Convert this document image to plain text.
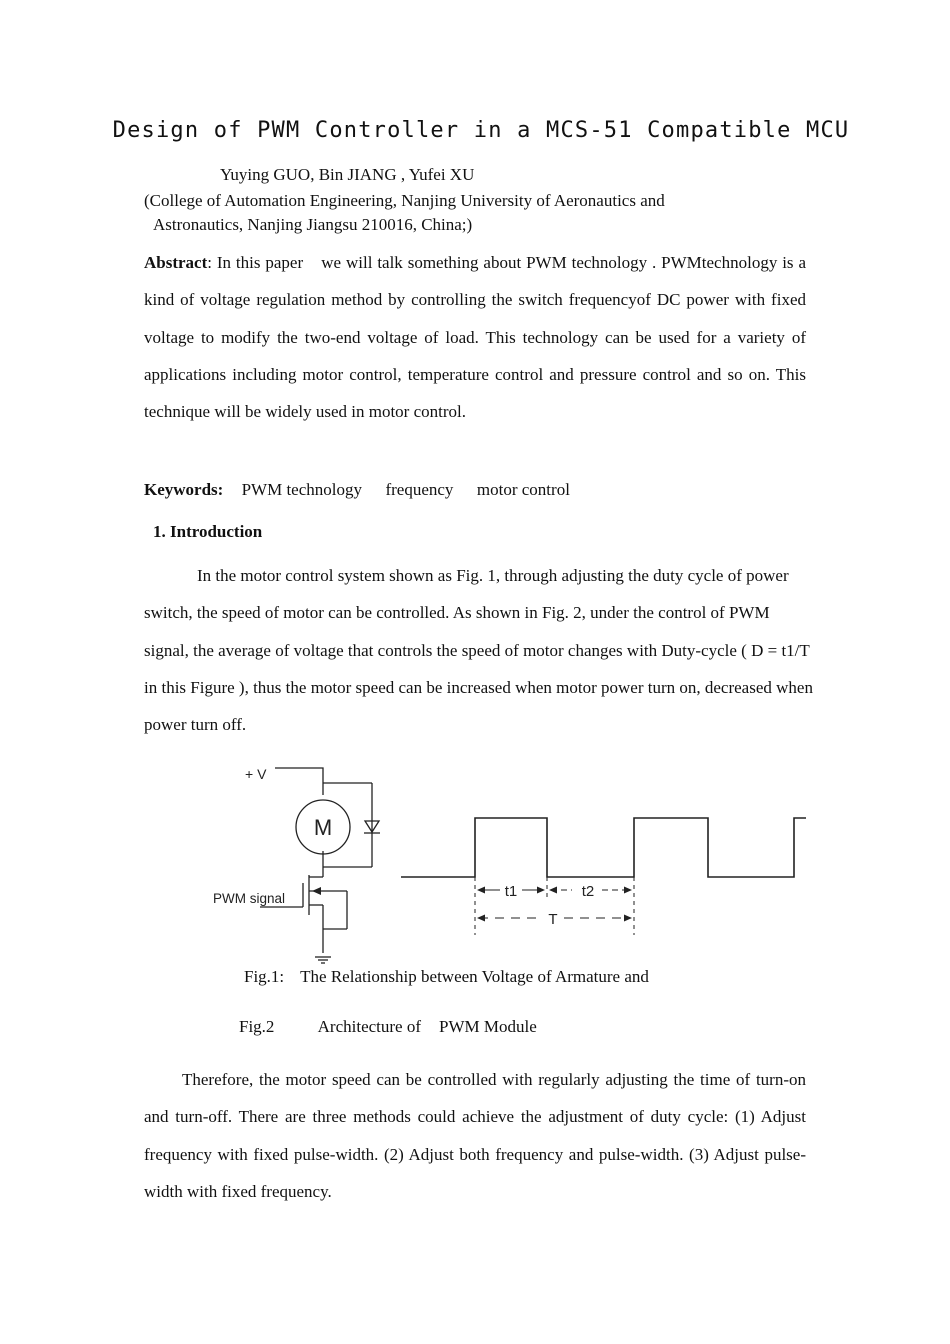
Design of PWM Controller in a MCS-51 Compatible MCU
Yuying GUO, Bin JIANG , Yufei XU
(College of Automation Engineering, Nanjing University of Aeronautics and
Astronautics, Nanjing Jiangsu 210016, China;)
Abstract: In this paper  we will talk something about PWM technology . PWMtechnology is a kind of voltage regulation method by controlling the switch frequencyof DC power with fixed voltage to modify the two-end voltage of load. This technology can be used for a variety of applications including motor control, temperature control and pressure control and so on. This technique will be widely used in motor control.
Keywords: PWM technology  frequency  motor control
1. Introduction
In the motor control system shown as Fig. 1, through adjusting the duty cycle of power switch, the speed of motor can be controlled. As shown in Fig. 2, under the control of PWM signal, the average of voltage that controls the speed of motor changes with Duty-cycle ( D = t1/T in this Figure ), thus the motor speed can be increased when motor power turn on, decreased when power turn off.
+ V
M
PWM signal	t1	t2
T
Fig.1: The Relationship between Voltage of Armature and
Fig.2  Architecture of PWM Module
Therefore, the motor speed can be controlled with regularly adjusting the time of turn-on and turn-off. There are three methods could achieve the adjustment of duty cycle: (1) Adjust frequency with fixed pulse-width. (2) Adjust both frequency and pulse-width. (3) Adjust pulse-width with fixed frequency.
